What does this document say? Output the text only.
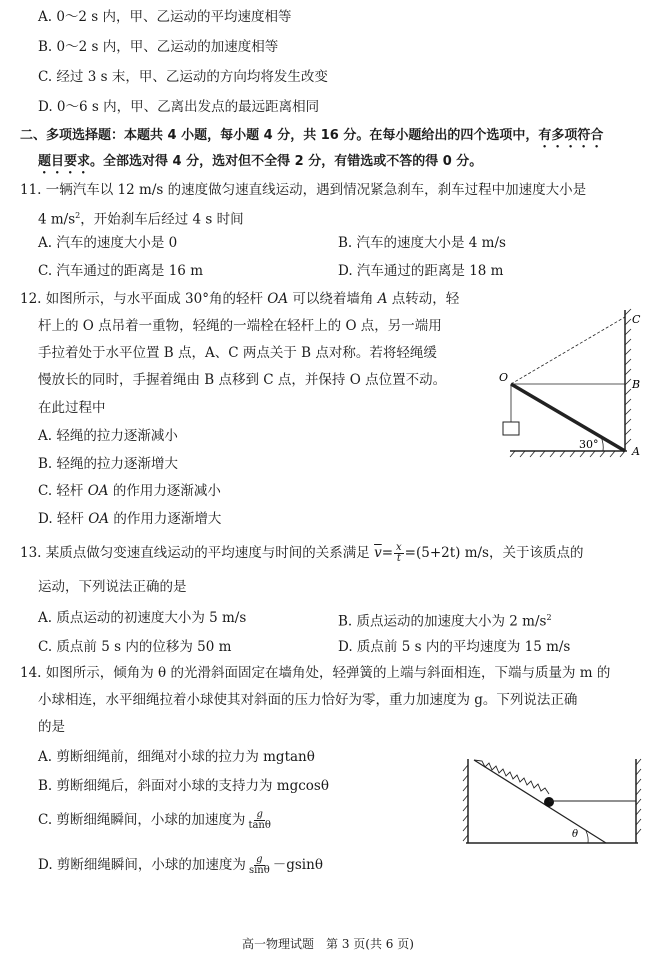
A. 0～2 s 内，甲、乙运动的平均速度相等
B. 0～2 s 内，甲、乙运动的加速度相等
C. 经过 3 s 末，甲、乙运动的方向均将发生改变
D. 0～6 s 内，甲、乙离出发点的最远距离相同
二、多项选择题：本题共 4 小题，每小题 4 分，共 16 分。在每小题给出的四个选项中，有多项符合
题目要求。全部选对得 4 分，选对但不全得 2 分，有错选或不答的得 0 分。
11. 一辆汽车以 12 m/s 的速度做匀速直线运动，遇到情况紧急刹车，刹车过程中加速度大小是
4 $m/s^2$，开始刹车后经过 4 s 时间
A. 汽车的速度大小是 0	B. 汽车的速度大小是 4 m/s
C. 汽车通过的距离是 16 m	D. 汽车通过的距离是 18 m
12. 如图所示，与水平面成 30°角的轻杆 OA 可以绕着墙角 A 点转动，轻
杆上的 O 点吊着一重物，轻绳的一端栓在轻杆上的 O 点，另一端用
手拉着处于水平位置 B 点，A、C 两点关于 B 点对称。若将轻绳缓
慢放长的同时，手握着绳由 B 点移到 C 点，并保持 O 点位置不动。
在此过程中
A. 轻绳的拉力逐渐减小
B. 轻绳的拉力逐渐增大
C. 轻杆 OA 的作用力逐渐减小
D. 轻杆 OA 的作用力逐渐增大
30°
C
O
B
A
13. 某质点做匀变速直线运动的平均速度与时间的关系满足 $\overline{v}= \frac{x}{t} =(5+2t)$ m/s，关于该质点的
运动，下列说法正确的是
A. 质点运动的初速度大小为 5 m/s	B. 质点运动的加速度大小为 2 $m/s^2$
C. 质点前 5 s 内的位移为 50 m	D. 质点前 5 s 内的平均速度为 15 m/s
14. 如图所示，倾角为 θ 的光滑斜面固定在墙角处，轻弹簧的上端与斜面相连，下端与质量为 m 的
小球相连，水平细绳拉着小球使其对斜面的压力恰好为零，重力加速度为 g。下列说法正确
的是
A. 剪断细绳前，细绳对小球的拉力为 mgtanθ
B. 剪断细绳后，斜面对小球的支持力为 mgcosθ
C. 剪断细绳瞬间，小球的加速度为 $\frac{g}{\tan\theta}$
D. 剪断细绳瞬间，小球的加速度为 $\frac{g}{\sin\theta} -gsin\theta$
θ
高一物理试题　第 3 页(共 6 页)
